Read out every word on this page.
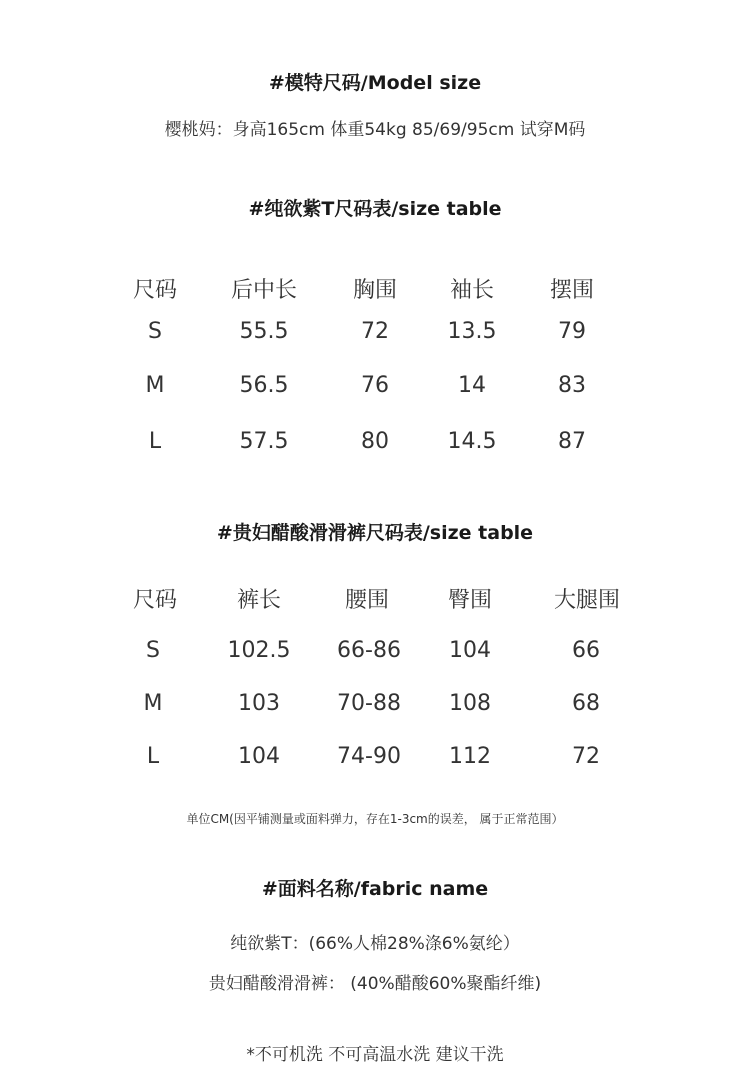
#模特尺码/Model size
樱桃妈：身高165cm 体重54kg 85/69/95cm 试穿M码
#纯欲紫T尺码表/size table
尺码	后中长	胸围	袖长	摆围
S	55.5	72	13.5	79
M	56.5	76	14	83
L	57.5	80	14.5	87
#贵妇醋酸滑滑裤尺码表/size table
尺码	裤长	腰围	臀围	大腿围
S	102.5	66-86	104	66
M	103	70-88	108	68
L	104	74-90	112	72
单位CM(因平铺测量或面料弹力，存在1-3cm的误差， 属于正常范围）
#面料名称/fabric name
纯欲紫T：(66%人棉28%涤6%氨纶）
贵妇醋酸滑滑裤： (40%醋酸60%聚酯纤维)
*不可机洗 不可高温水洗 建议干洗
